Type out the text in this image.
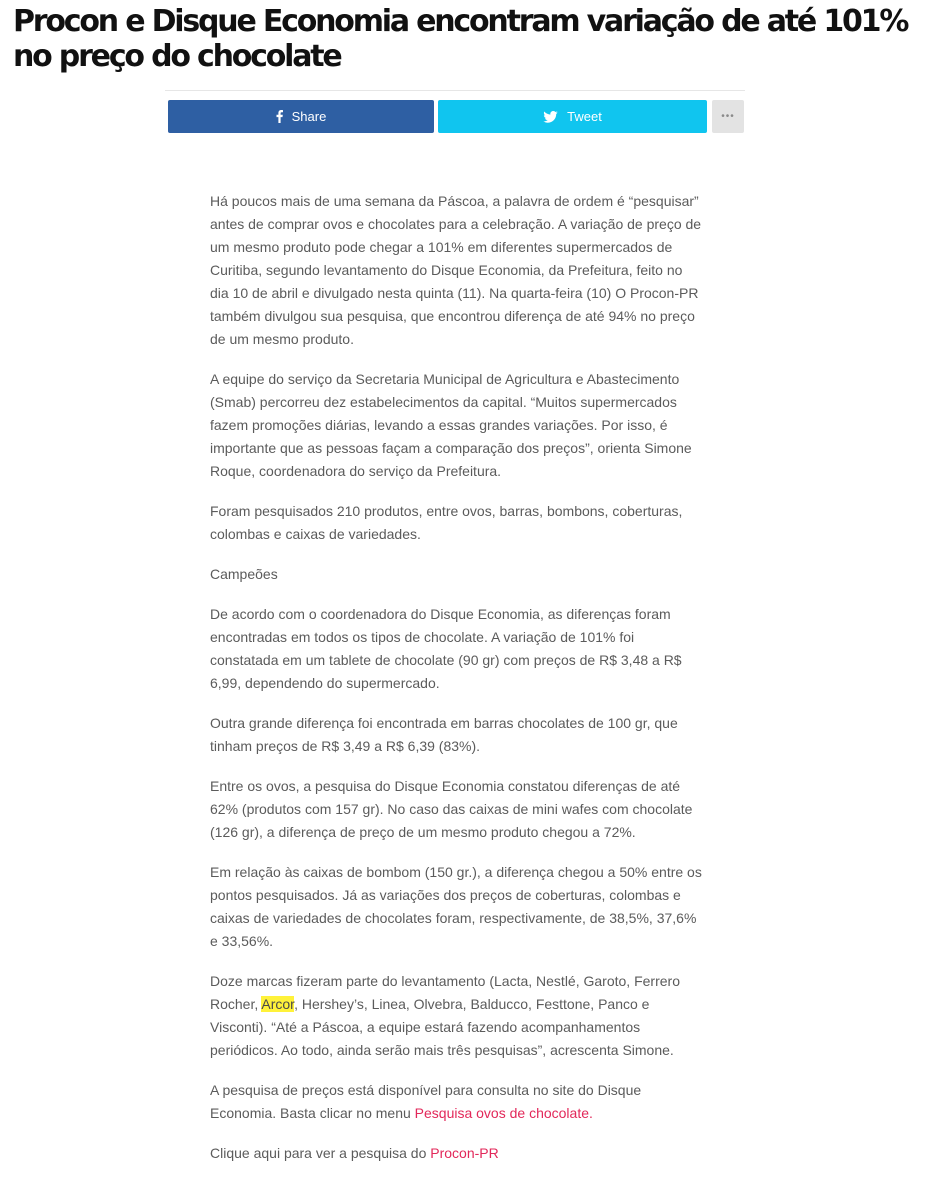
Procon e Disque Economia encontram variação de até 101% no preço do chocolate
Share	Tweet	•••

Há poucos mais de uma semana da Páscoa, a palavra de ordem é “pesquisar” antes de comprar ovos e chocolates para a celebração. A variação de preço de um mesmo produto pode chegar a 101% em diferentes supermercados de Curitiba, segundo levantamento do Disque Economia, da Prefeitura, feito no dia 10 de abril e divulgado nesta quinta (11). Na quarta-feira (10) O Procon-PR também divulgou sua pesquisa, que encontrou diferença de até 94% no preço de um mesmo produto.

A equipe do serviço da Secretaria Municipal de Agricultura e Abastecimento (Smab) percorreu dez estabelecimentos da capital. “Muitos supermercados fazem promoções diárias, levando a essas grandes variações. Por isso, é importante que as pessoas façam a comparação dos preços”, orienta Simone Roque, coordenadora do serviço da Prefeitura.

Foram pesquisados 210 produtos, entre ovos, barras, bombons, coberturas, colombas e caixas de variedades.

Campeões

De acordo com o coordenadora do Disque Economia, as diferenças foram encontradas em todos os tipos de chocolate. A variação de 101% foi constatada em um tablete de chocolate (90 gr) com preços de R$ 3,48 a R$ 6,99, dependendo do supermercado.

Outra grande diferença foi encontrada em barras chocolates de 100 gr, que tinham preços de R$ 3,49 a R$ 6,39 (83%).

Entre os ovos, a pesquisa do Disque Economia constatou diferenças de até 62% (produtos com 157 gr). No caso das caixas de mini wafes com chocolate (126 gr), a diferença de preço de um mesmo produto chegou a 72%.

Em relação às caixas de bombom (150 gr.), a diferença chegou a 50% entre os pontos pesquisados. Já as variações dos preços de coberturas, colombas e caixas de variedades de chocolates foram, respectivamente, de 38,5%, 37,6% e 33,56%.

Doze marcas fizeram parte do levantamento (Lacta, Nestlé, Garoto, Ferrero Rocher, Arcor, Hershey’s, Linea, Olvebra, Balducco, Festtone, Panco e Visconti). “Até a Páscoa, a equipe estará fazendo acompanhamentos periódicos. Ao todo, ainda serão mais três pesquisas”, acrescenta Simone.

A pesquisa de preços está disponível para consulta no site do Disque Economia. Basta clicar no menu Pesquisa ovos de chocolate.

Clique aqui para ver a pesquisa do Procon-PR
